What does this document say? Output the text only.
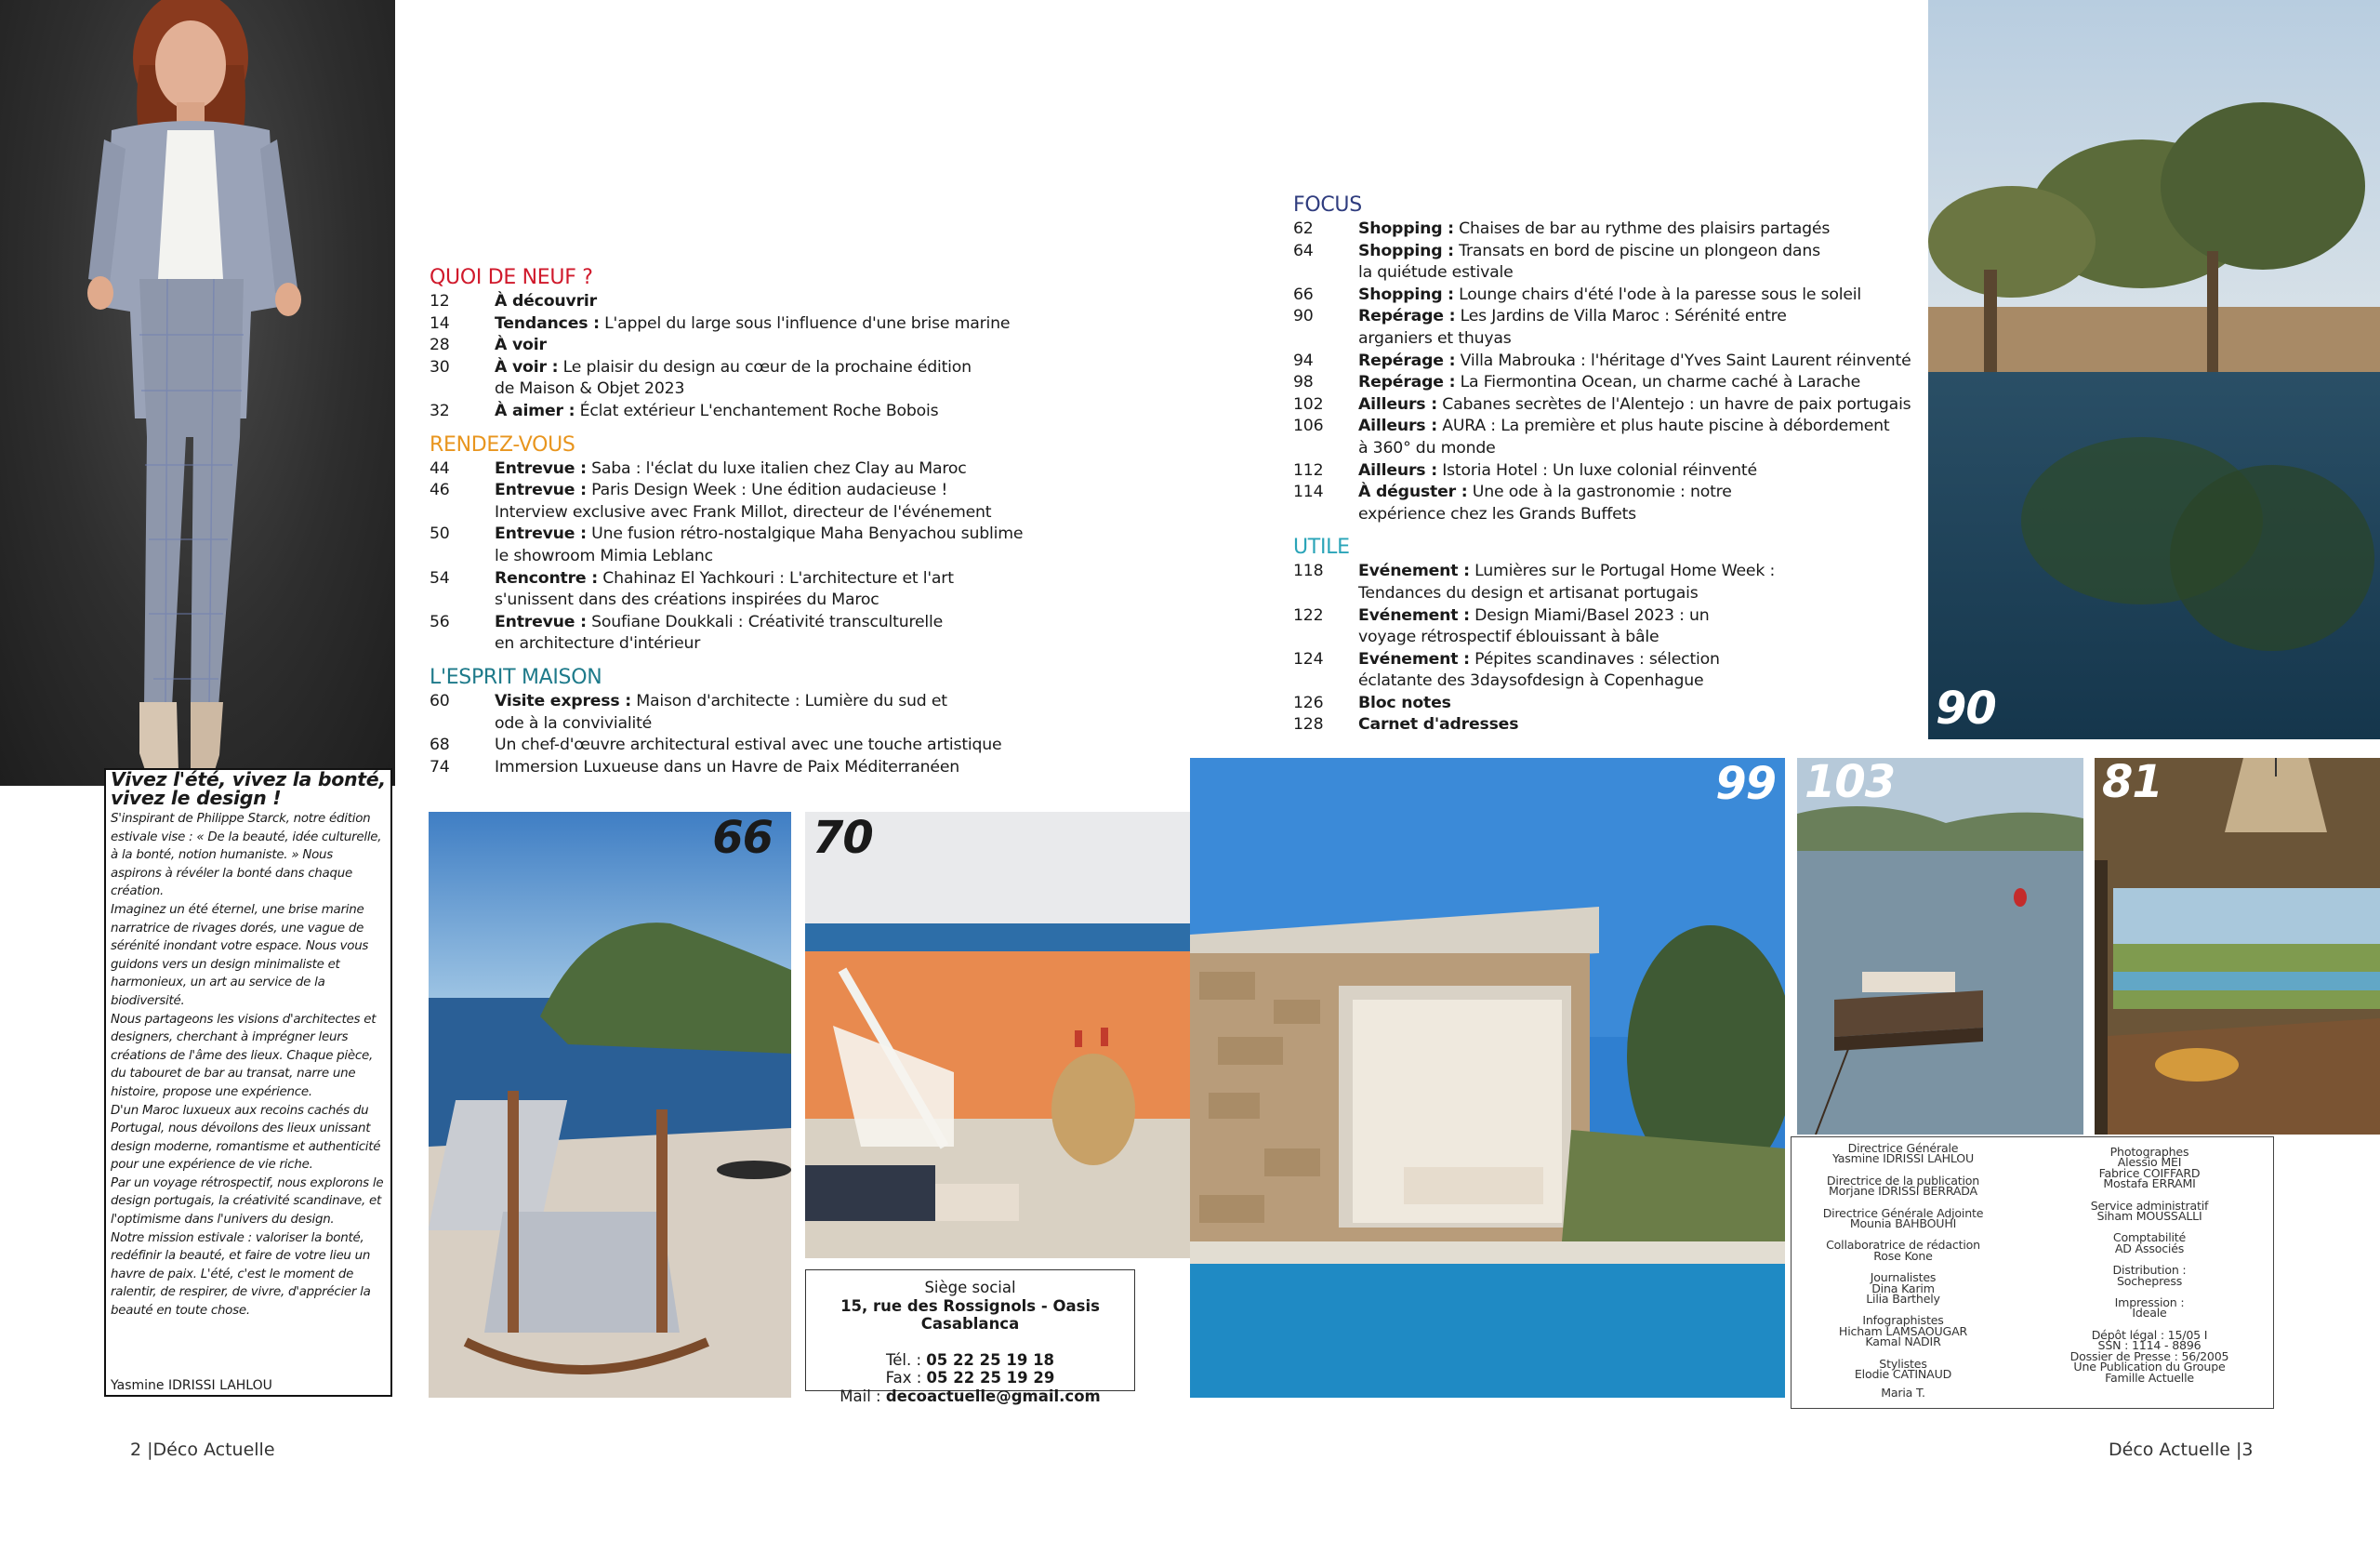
Vivez l'été, vivez la bonté, vivez le design !

S'inspirant de Philippe Starck, notre édition estivale vise : « De la beauté, idée culturelle, à la bonté, notion humaniste. » Nous aspirons à révéler la bonté dans chaque création.

Imaginez un été éternel, une brise marine narratrice de rivages dorés, une vague de sérénité inondant votre espace. Nous vous guidons vers un design minimaliste et harmonieux, un art au service de la biodiversité.

Nous partageons les visions d'architectes et designers, cherchant à imprégner leurs créations de l'âme des lieux. Chaque pièce, du tabouret de bar au transat, narre une histoire, propose une expérience.

D'un Maroc luxueux aux recoins cachés du Portugal, nous dévoilons des lieux unissant design moderne, romantisme et authenticité pour une expérience de vie riche.

Par un voyage rétrospectif, nous explorons le design portugais, la créativité scandinave, et l'optimisme dans l'univers du design.

Notre mission estivale : valoriser la bonté, redéfinir la beauté, et faire de votre lieu un havre de paix. L'été, c'est le moment de ralentir, de respirer, de vivre, d'apprécier la beauté en toute chose.

Yasmine IDRISSI LAHLOU
QUOI DE NEUF ?
12	À découvrir
14	Tendances : L'appel du large sous l'influence d'une brise marine
28	À voir
30	À voir : Le plaisir du design au cœur de la prochaine édition de Maison & Objet 2023
32	À aimer : Éclat extérieur L'enchantement Roche Bobois
RENDEZ-VOUS
44	Entrevue : Saba : l'éclat du luxe italien chez Clay au Maroc
46	Entrevue : Paris Design Week : Une édition audacieuse ! Interview exclusive avec Frank Millot, directeur de l'événement
50	Entrevue : Une fusion rétro-nostalgique Maha Benyachou sublime le showroom Mimia Leblanc
54	Rencontre : Chahinaz El Yachkouri : L'architecture et l'art s'unissent dans des créations inspirées du Maroc
56	Entrevue : Soufiane Doukkali : Créativité transculturelle en architecture d'intérieur
L'ESPRIT MAISON
60	Visite express : Maison d'architecte : Lumière du sud et ode à la convivialité
68	Un chef-d'œuvre architectural estival avec une touche artistique
74	Immersion Luxueuse dans un Havre de Paix Méditerranéen
FOCUS
62	Shopping : Chaises de bar au rythme des plaisirs partagés
64	Shopping : Transats en bord de piscine un plongeon dans la quiétude estivale
66	Shopping : Lounge chairs d'été l'ode à la paresse sous le soleil
90	Repérage : Les Jardins de Villa Maroc : Sérénité entre arganiers et thuyas
94	Repérage : Villa Mabrouka : l'héritage d'Yves Saint Laurent réinventé
98	Repérage : La Fiermontina Ocean, un charme caché à Larache
102	Ailleurs : Cabanes secrètes de l'Alentejo : un havre de paix portugais
106	Ailleurs : AURA : La première et plus haute piscine à débordement à 360° du monde
112	Ailleurs : Istoria Hotel : Un luxe colonial réinventé
114	À déguster : Une ode à la gastronomie : notre expérience chez les Grands Buffets
UTILE
118	Evénement : Lumières sur le Portugal Home Week : Tendances du design et artisanat portugais
122	Evénement : Design Miami/Basel 2023 : un voyage rétrospectif éblouissant à bâle
124	Evénement : Pépites scandinaves : sélection éclatante des 3daysofdesign à Copenhague
126	Bloc notes
128	Carnet d'adresses	90
66 70
Siège social
15, rue des Rossignols - Oasis Casablanca
Tél. : 05 22 25 19 18
Fax : 05 22 25 19 29
Mail : decoactuelle@gmail.com
99 103	81
Directrice Générale
Yasmine IDRISSI LAHLOU
Directrice de la publication
Morjane IDRISSI BERRADA
Directrice Générale Adjointe
Mounia BAHBOUHI
Collaboratrice de rédaction
Rose Kone
Journalistes
Dina Karim
Lilia Barthely
Infographistes
Hicham LAMSAOUGAR
Kamal NADIR
Stylistes
Elodie CATINAUD
Maria T.
Photographes
Alessio MEI
Fabrice COIFFARD
Mostafa ERRAMI
Service administratif
Siham MOUSSALLI
Comptabilité
AD Associés
Distribution :
Sochepress
Impression :
Ideale
Dépôt légal : 15/05 I
SSN : 1114 - 8896
Dossier de Presse : 56/2005
Une Publication du Groupe
Famille Actuelle
2 |Déco Actuelle	Déco Actuelle |3
